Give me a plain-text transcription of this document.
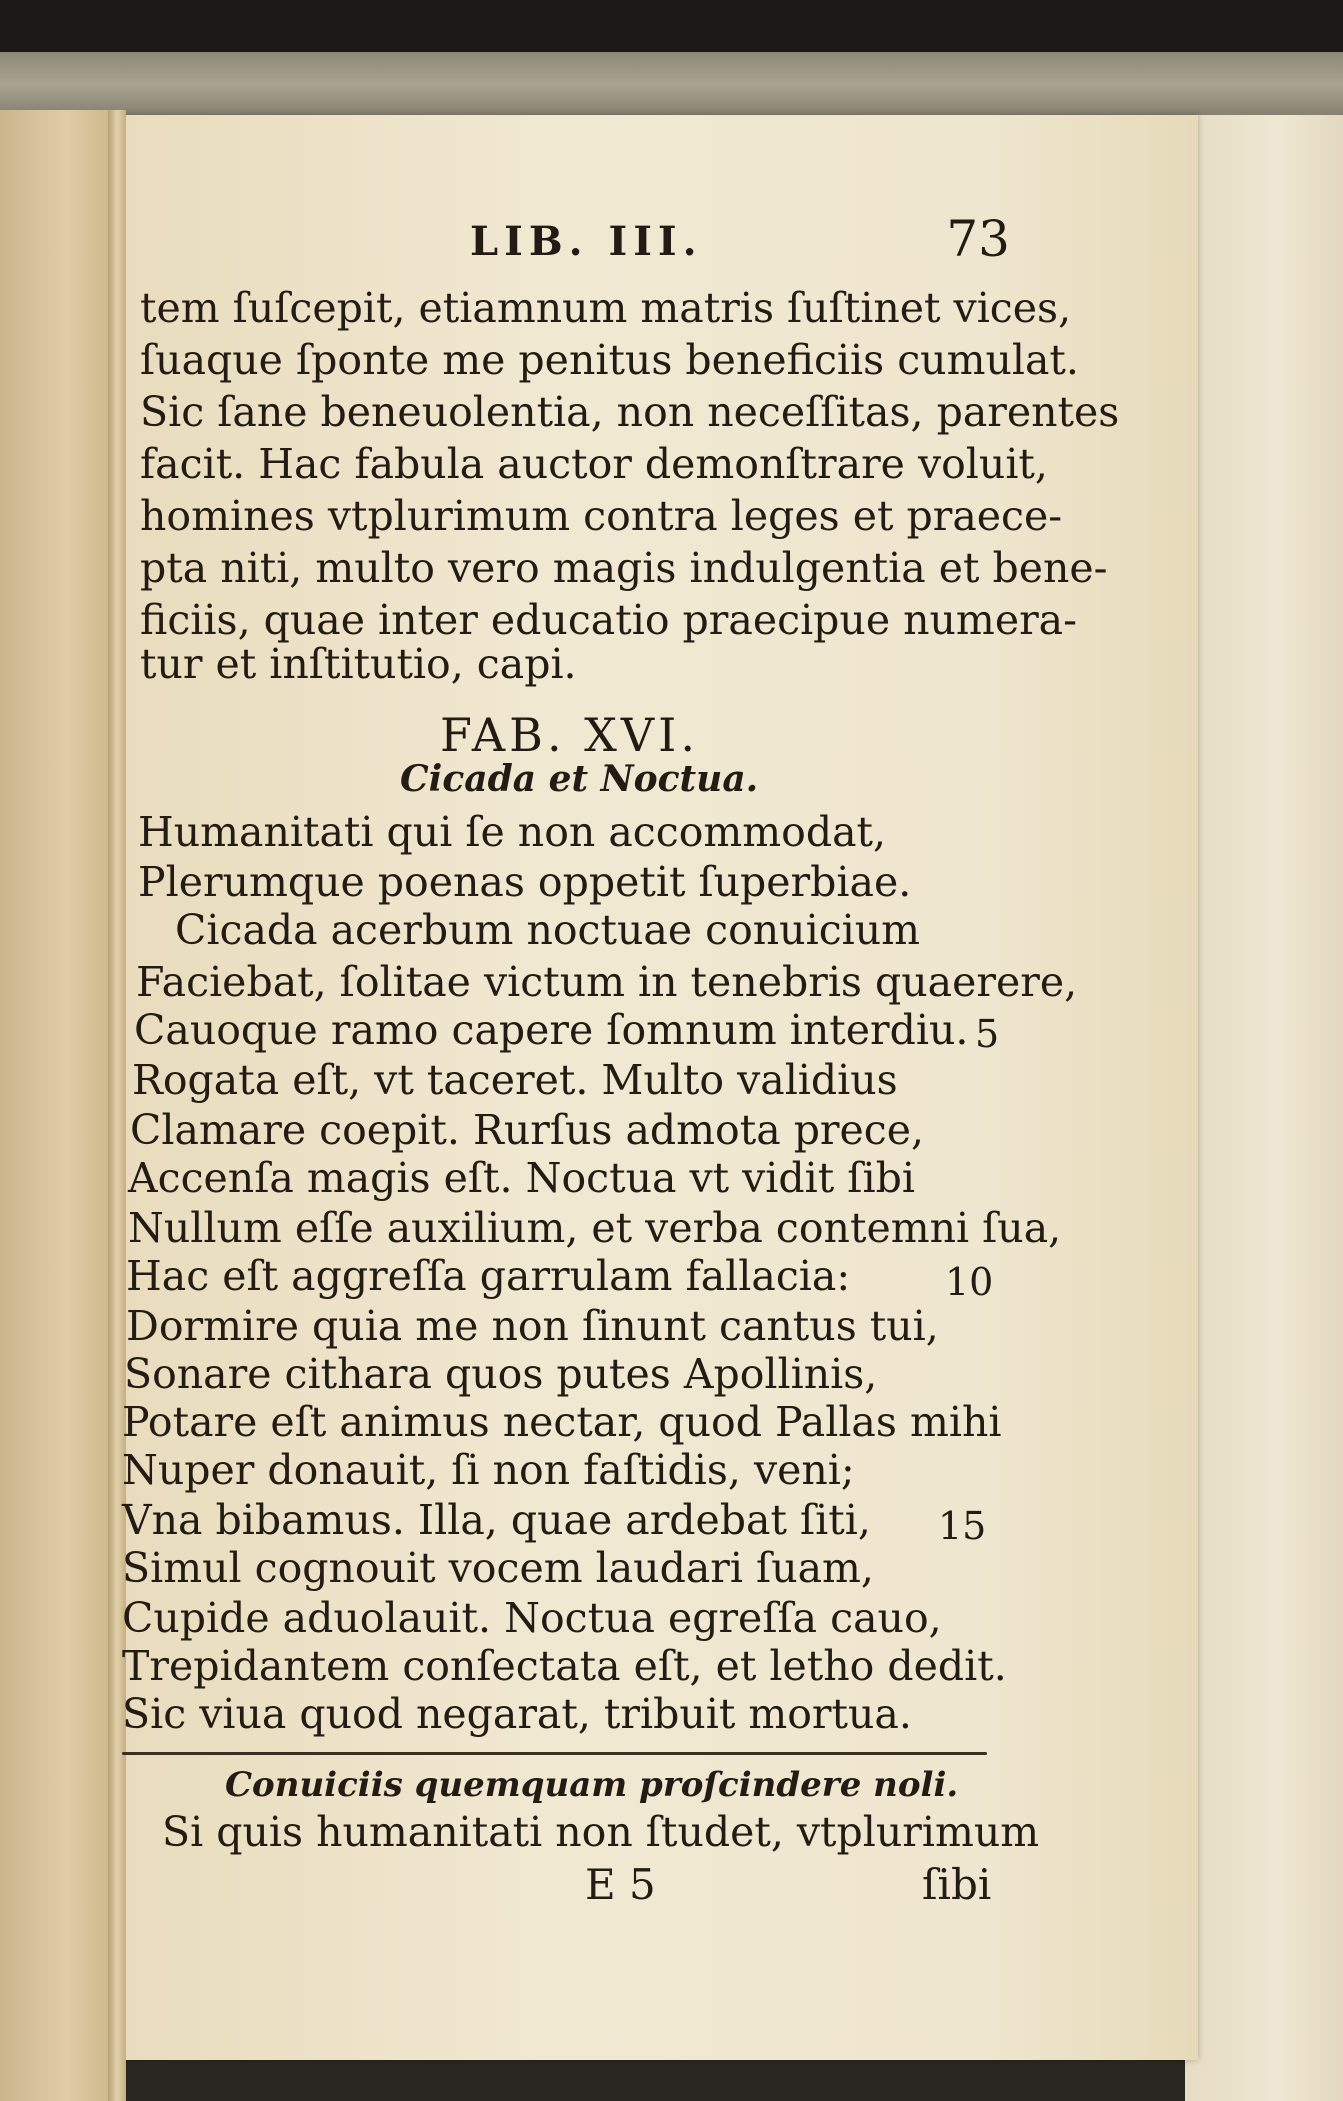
LIB. III.	73
tem ſuſcepit, etiamnum matris ſuſtinet vices,
ſuaque ſponte me penitus beneficiis cumulat.
Sic ſane beneuolentia, non neceſſitas, parentes
facit. Hac fabula auctor demonſtrare voluit,
homines vtplurimum contra leges et praece-
pta niti, multo vero magis indulgentia et bene-
ficiis, quae inter educatio praecipue numera-
tur et inſtitutio, capi.
FAB. XVI.
Cicada et Noctua.
Humanitati qui ſe non accommodat,
Plerumque poenas oppetit ſuperbiae.
Cicada acerbum noctuae conuicium
Faciebat, ſolitae victum in tenebris quaerere,
Cauoque ramo capere ſomnum interdiu. 5
Rogata eſt, vt taceret. Multo validius
Clamare coepit. Rurſus admota prece,
Accenſa magis eſt. Noctua vt vidit ſibi
Nullum eſſe auxilium, et verba contemni ſua,
Hac eſt aggreſſa garrulam fallacia: 10
Dormire quia me non ſinunt cantus tui,
Sonare cithara quos putes Apollinis,
Potare eſt animus nectar, quod Pallas mihi
Nuper donauit, ſi non faſtidis, veni;
Vna bibamus. Illa, quae ardebat ſiti, 15
Simul cognouit vocem laudari ſuam,
Cupide aduolauit. Noctua egreſſa cauo,
Trepidantem conſectata eſt, et letho dedit.
Sic viua quod negarat, tribuit mortua.
Conuiciis quemquam proſcindere noli.
Si quis humanitati non ſtudet, vtplurimum
E 5	ſibi
